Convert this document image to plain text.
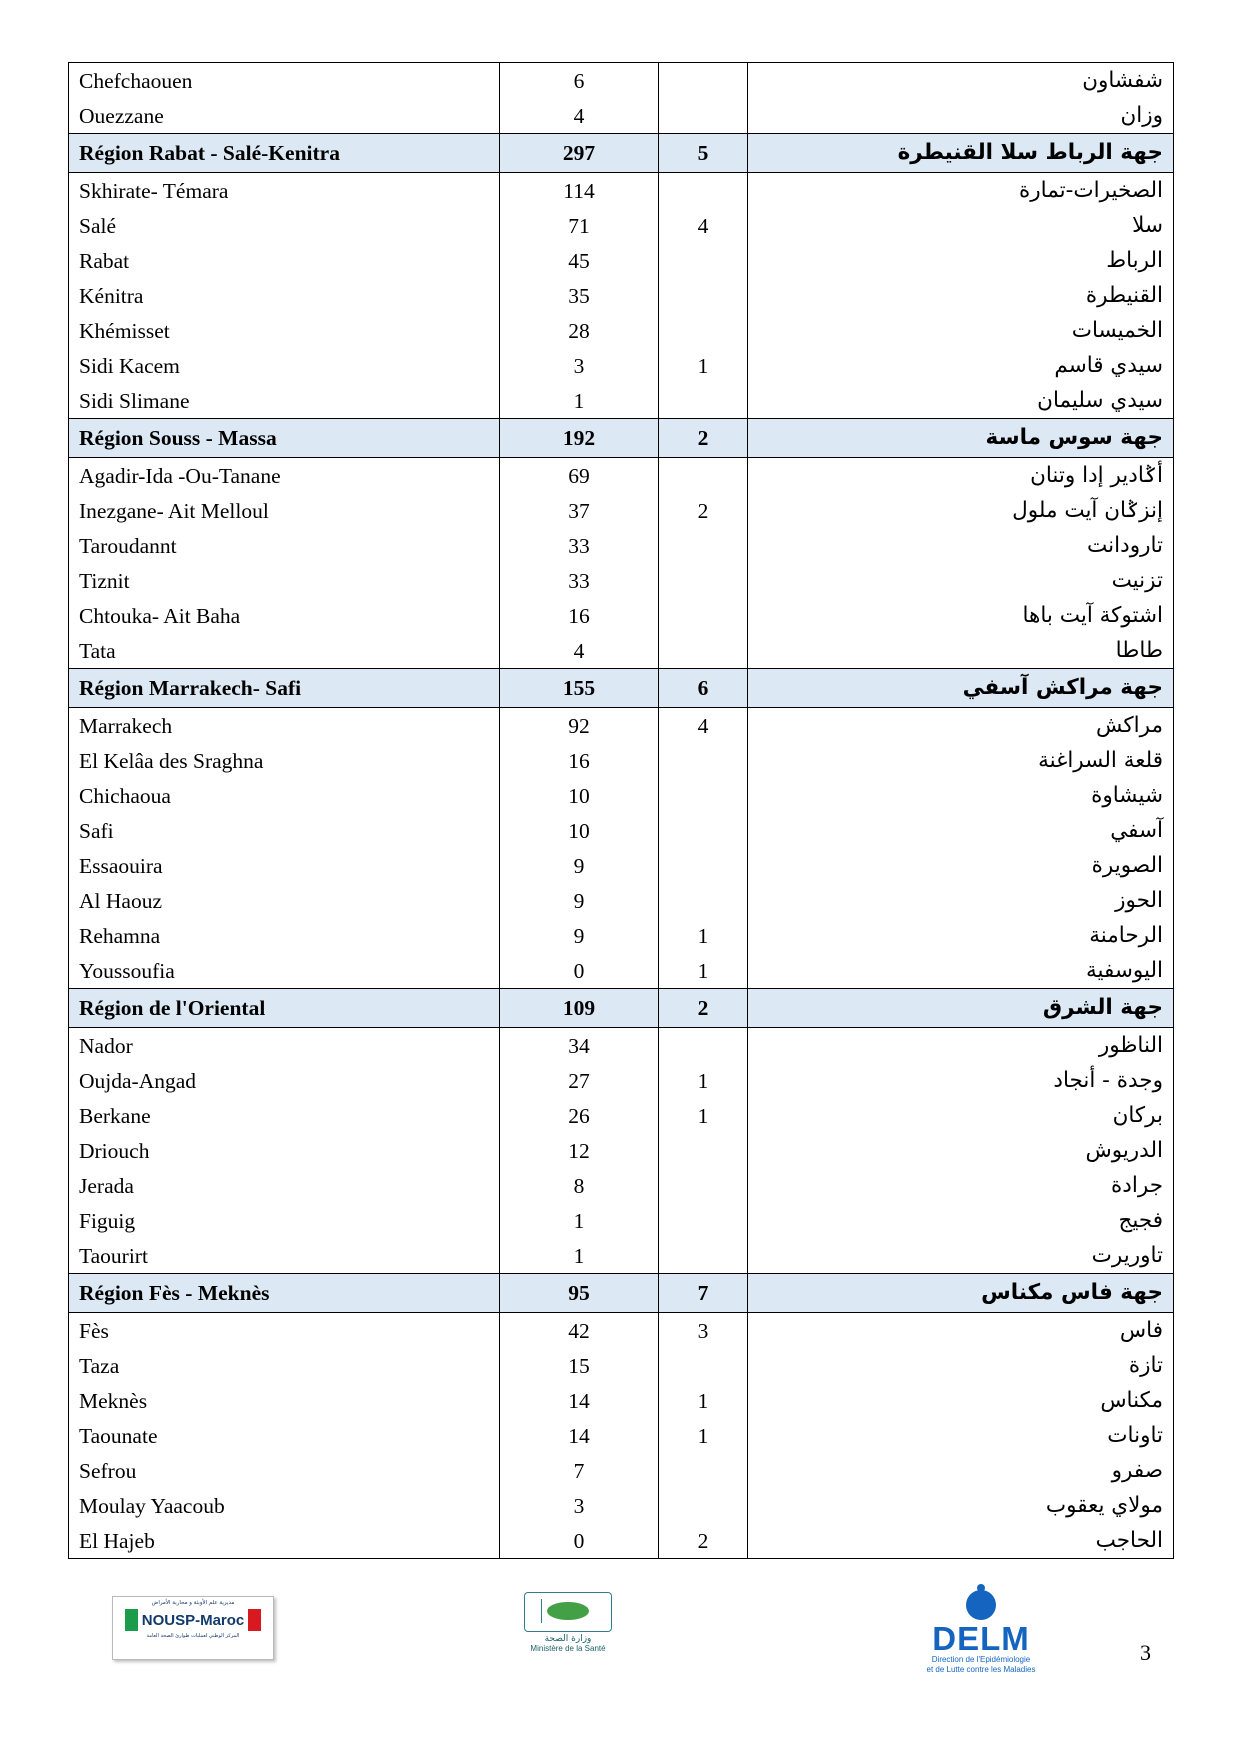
Chefchaouen	6		شفشاون
Ouezzane	4		وزان
Région Rabat - Salé-Kenitra	297	5	جهة الرباط سلا القنيطرة
Skhirate- Témara	114		الصخيرات-تمارة
Salé	71	4	سلا
Rabat	45		الرباط
Kénitra	35		القنيطرة
Khémisset	28		الخميسات
Sidi Kacem	3	1	سيدي قاسم
Sidi Slimane	1		سيدي سليمان
Région Souss - Massa	192	2	جهة سوس ماسة
Agadir-Ida -Ou-Tanane	69		أݣادير إدا وتنان
Inezgane- Ait Melloul	37	2	إنزݣان آيت ملول
Taroudannt	33		تارودانت
Tiznit	33		تزنيت
Chtouka- Ait Baha	16		اشتوكة آيت باها
Tata	4		طاطا
Région Marrakech- Safi	155	6	جهة مراكش آسفي
Marrakech	92	4	مراكش
El Kelâa des Sraghna	16		قلعة السراغنة
Chichaoua	10		شيشاوة
Safi	10		آسفي
Essaouira	9		الصويرة
Al Haouz	9		الحوز
Rehamna	9	1	الرحامنة
Youssoufia	0	1	اليوسفية
Région de l'Oriental	109	2	جهة الشرق
Nador	34		الناظور
Oujda-Angad	27	1	وجدة - أنجاد
Berkane	26	1	بركان
Driouch	12		الدريوش
Jerada	8		جرادة
Figuig	1		فجيج
Taourirt	1		تاوريرت
Région Fès - Meknès	95	7	جهة فاس مكناس
Fès	42	3	فاس
Taza	15		تازة
Meknès	14	1	مكناس
Taounate	14	1	تاونات
Sefrou	7		صفرو
Moulay Yaacoub	3		مولاي يعقوب
El Hajeb	0	2	الحاجب
مديرية علم الأوبئة و محاربة الأمراض
NOUSP-Maroc
المركز الوطني لعمليات طوارئ الصحة العامة	وزارة الصحة
Ministère de la Santé	DELM
Direction de l'Epidémiologie
et de Lutte contre les Maladies
3
